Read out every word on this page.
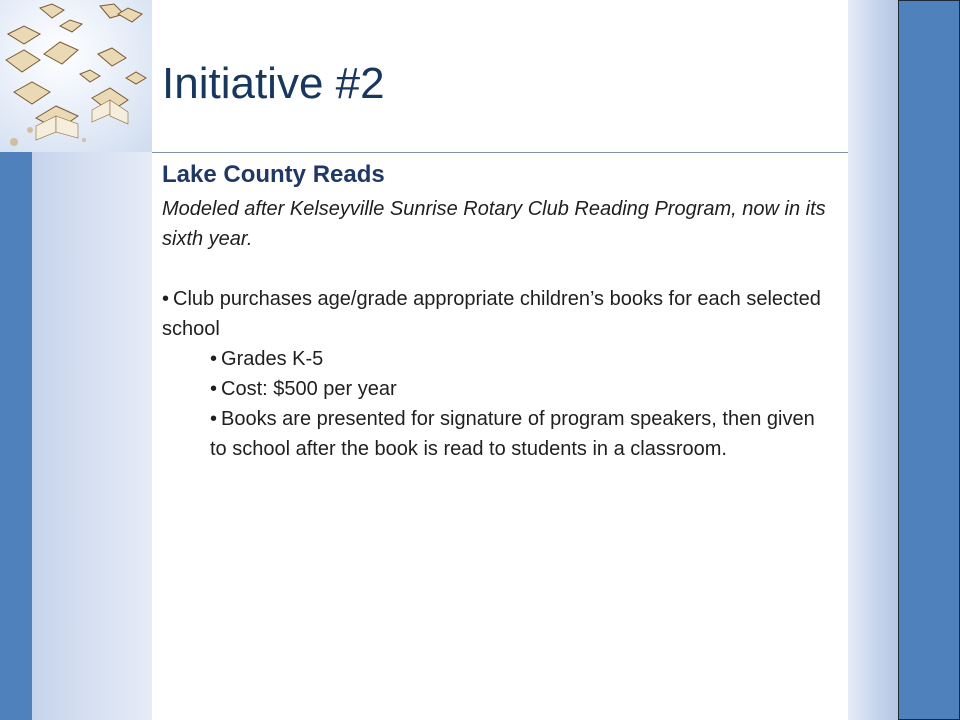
Initiative #2

Lake County Reads

Modeled after Kelseyville Sunrise Rotary Club Reading Program, now in its sixth year.

• Club purchases age/grade appropriate children’s books for each selected school

• Grades K-5

• Cost: $500 per year

• Books are presented for signature of program speakers, then given to school after the book is read to students in a classroom.
